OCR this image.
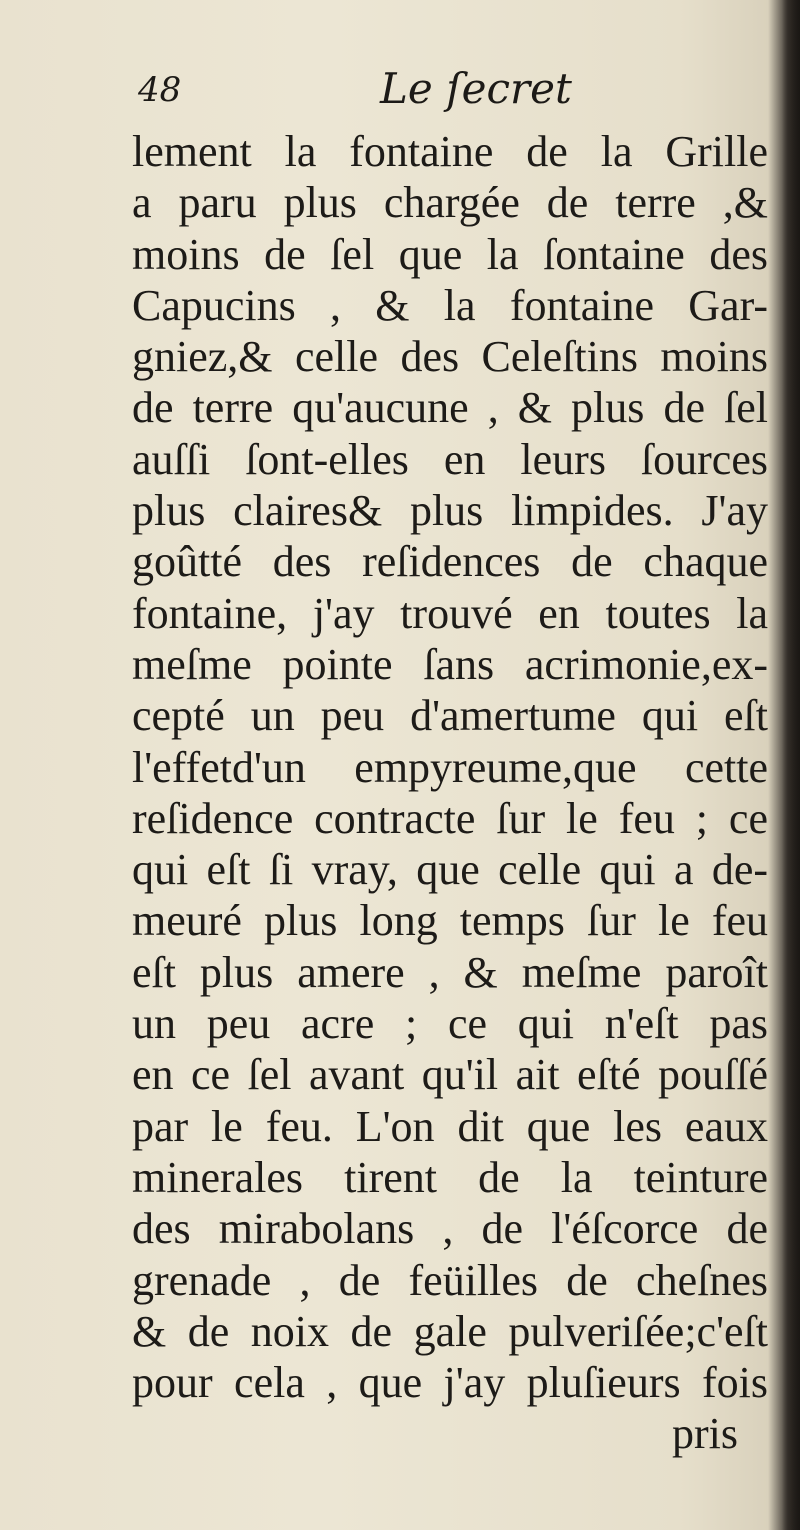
48	Le ſecret
lement la fontaine de la Grille
a paru plus chargée de terre ,&
moins de ſel que la ſontaine des
Capucins , & la fontaine Gar-
gniez,& celle des Celeſtins moins
de terre qu'aucune , & plus de ſel
auſſi ſont-elles en leurs ſources
plus claires& plus limpides. J'ay
goûtté des reſidences de chaque
fontaine, j'ay trouvé en toutes la
meſme pointe ſans acrimonie,ex-
cepté un peu d'amertume qui eſt
l'effetd'un empyreume,que cette
reſidence contracte ſur le feu ; ce
qui eſt ſi vray, que celle qui a de-
meuré plus long temps ſur le feu
eſt plus amere , & meſme paroît
un peu acre ; ce qui n'eſt pas
en ce ſel avant qu'il ait eſté pouſſé
par le feu. L'on dit que les eaux
minerales tirent de la teinture
des mirabolans , de l'éſcorce de
grenade , de feüilles de cheſnes
& de noix de gale pulveriſée;c'eſt
pour cela , que j'ay pluſieurs fois
pris
